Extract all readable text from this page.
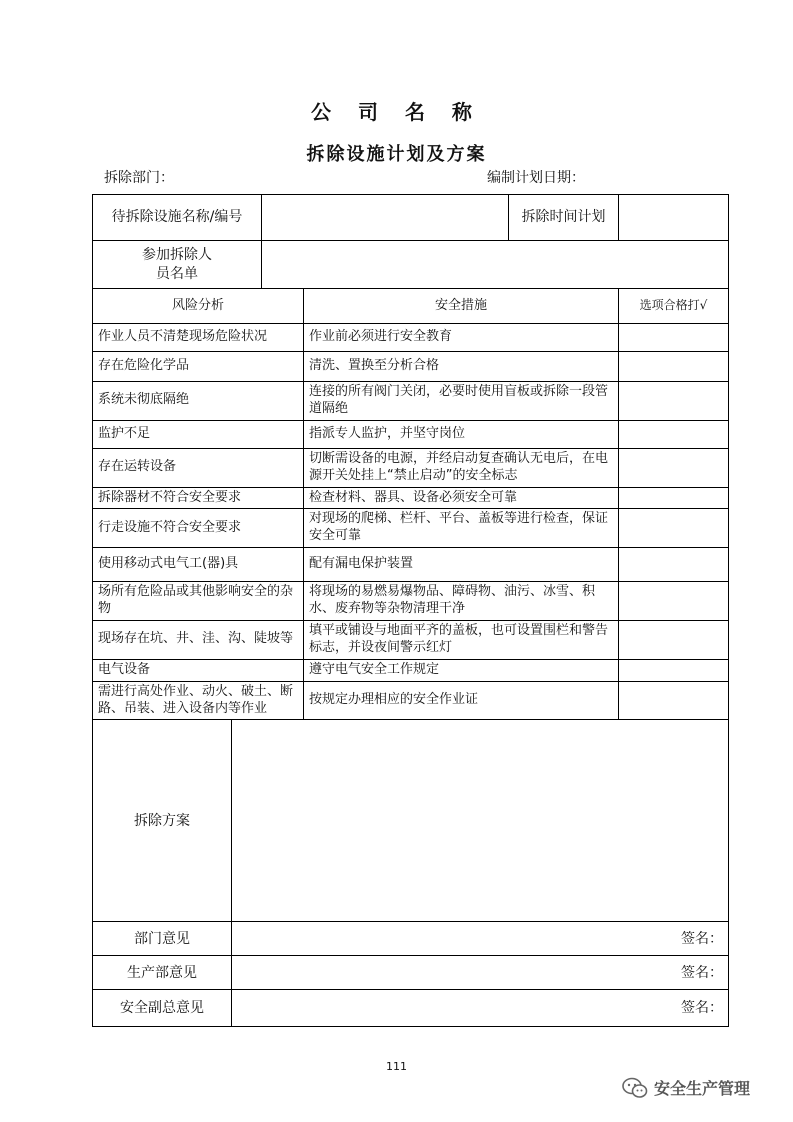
公 司 名 称
拆除设施计划及方案
拆除部门：	编制计划日期：
待拆除设施名称/编号				拆除时间计划	

参加拆除人员名单					

风险分析			安全措施		选项合格打√
作业人员不清楚现场危险状况			作业前必须进行安全教育		
存在危险化学品			清洗、置换至分析合格		
系统未彻底隔绝			连接的所有阀门关闭，必要时使用盲板或拆除一段管道隔绝		
监护不足			指派专人监护，并坚守岗位		
存在运转设备			切断需设备的电源，并经启动复查确认无电后，在电源开关处挂上“禁止启动”的安全标志		
拆除器材不符合安全要求			检查材料、器具、设备必须安全可靠		
行走设施不符合安全要求			对现场的爬梯、栏杆、平台、盖板等进行检查，保证安全可靠		
使用移动式电气工(器)具			配有漏电保护装置		
场所有危险品或其他影响安全的杂物			将现场的易燃易爆物品、障碍物、油污、冰雪、积水、废弃物等杂物清理干净		
现场存在坑、井、洼、沟、陡坡等			填平或铺设与地面平齐的盖板，也可设置围栏和警告标志，并设夜间警示红灯		
电气设备			遵守电气安全工作规定		
需进行高处作业、动火、破土、断路、吊装、进入设备内等作业			按规定办理相应的安全作业证		
拆除方案					
部门意见	签名：				
生产部意见	签名：				
安全副总意见	签名：				
111
安全生产管理
